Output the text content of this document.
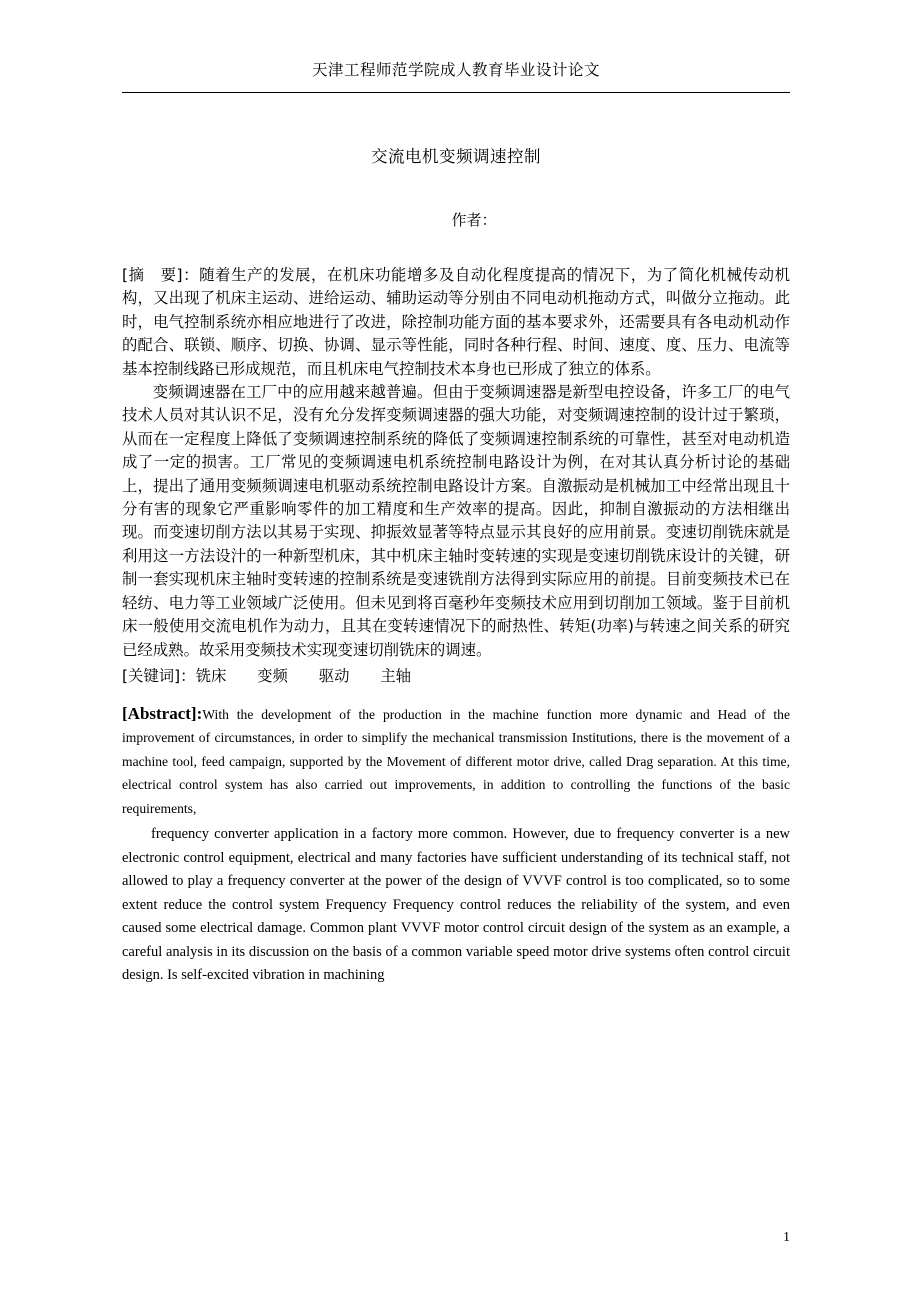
天津工程师范学院成人教育毕业设计论文
交流电机变频调速控制
作者：

[摘　要]：随着生产的发展，在机床功能增多及自动化程度提高的情况下，为了简化机械传动机构，又出现了机床主运动、进给运动、辅助运动等分别由不同电动机拖动方式，叫做分立拖动。此时，电气控制系统亦相应地进行了改进，除控制功能方面的基本要求外，还需要具有各电动机动作的配合、联锁、顺序、切换、协调、显示等性能，同时各种行程、时间、速度、度、压力、电流等基本控制线路已形成规范，而且机床电气控制技术本身也已形成了独立的体系。

变频调速器在工厂中的应用越来越普遍。但由于变频调速器是新型电控设备，许多工厂的电气技术人员对其认识不足，没有允分发挥变频调速器的强大功能，对变频调速控制的设计过于繁琐，从而在一定程度上降低了变频调速控制系统的降低了变频调速控制系统的可靠性，甚至对电动机造成了一定的损害。工厂常见的变频调速电机系统控制电路设计为例，在对其认真分析讨论的基础上，提出了通用变频频调速电机驱动系统控制电路设计方案。自激振动是机械加工中经常出现且十分有害的现象它严重影响零件的加工精度和生产效率的提高。因此，抑制自激振动的方法相继出现。而变速切削方法以其易于实现、抑振效显著等特点显示其良好的应用前景。变速切削铣床就是利用这一方法设汁的一种新型机床，其中机床主轴时变转速的实现是变速切削铣床设计的关键，研制一套实现机床主轴时变转速的控制系统是变速铣削方法得到实际应用的前提。目前变频技术已在轻纺、电力等工业领域广泛使用。但未见到将百毫秒年变频技术应用到切削加工领域。鉴于目前机床一般使用交流电机作为动力，且其在变转速情况下的耐热性、转矩(功率)与转速之间关系的研究已经成熟。故采用变频技术实现变速切削铣床的调速。

[关键词]：铣床　　变频　　驱动　　主轴

[Abstract]:With the development of the production in the machine function more dynamic and Head of the improvement of circumstances, in order to simplify the mechanical transmission Institutions, there is the movement of a machine tool, feed campaign, supported by the Movement of different motor drive, called Drag separation. At this time, electrical control system has also carried out improvements, in addition to controlling the functions of the basic requirements,

frequency converter application in a factory more common. However, due to frequency converter is a new electronic control equipment, electrical and many factories have sufficient understanding of its technical staff, not allowed to play a frequency converter at the power of the design of VVVF control is too complicated, so to some extent reduce the control system Frequency Frequency control reduces the reliability of the system, and even caused some electrical damage. Common plant VVVF motor control circuit design of the system as an example, a careful analysis in its discussion on the basis of a common variable speed motor drive systems often control circuit design. Is self-excited vibration in machining

1
